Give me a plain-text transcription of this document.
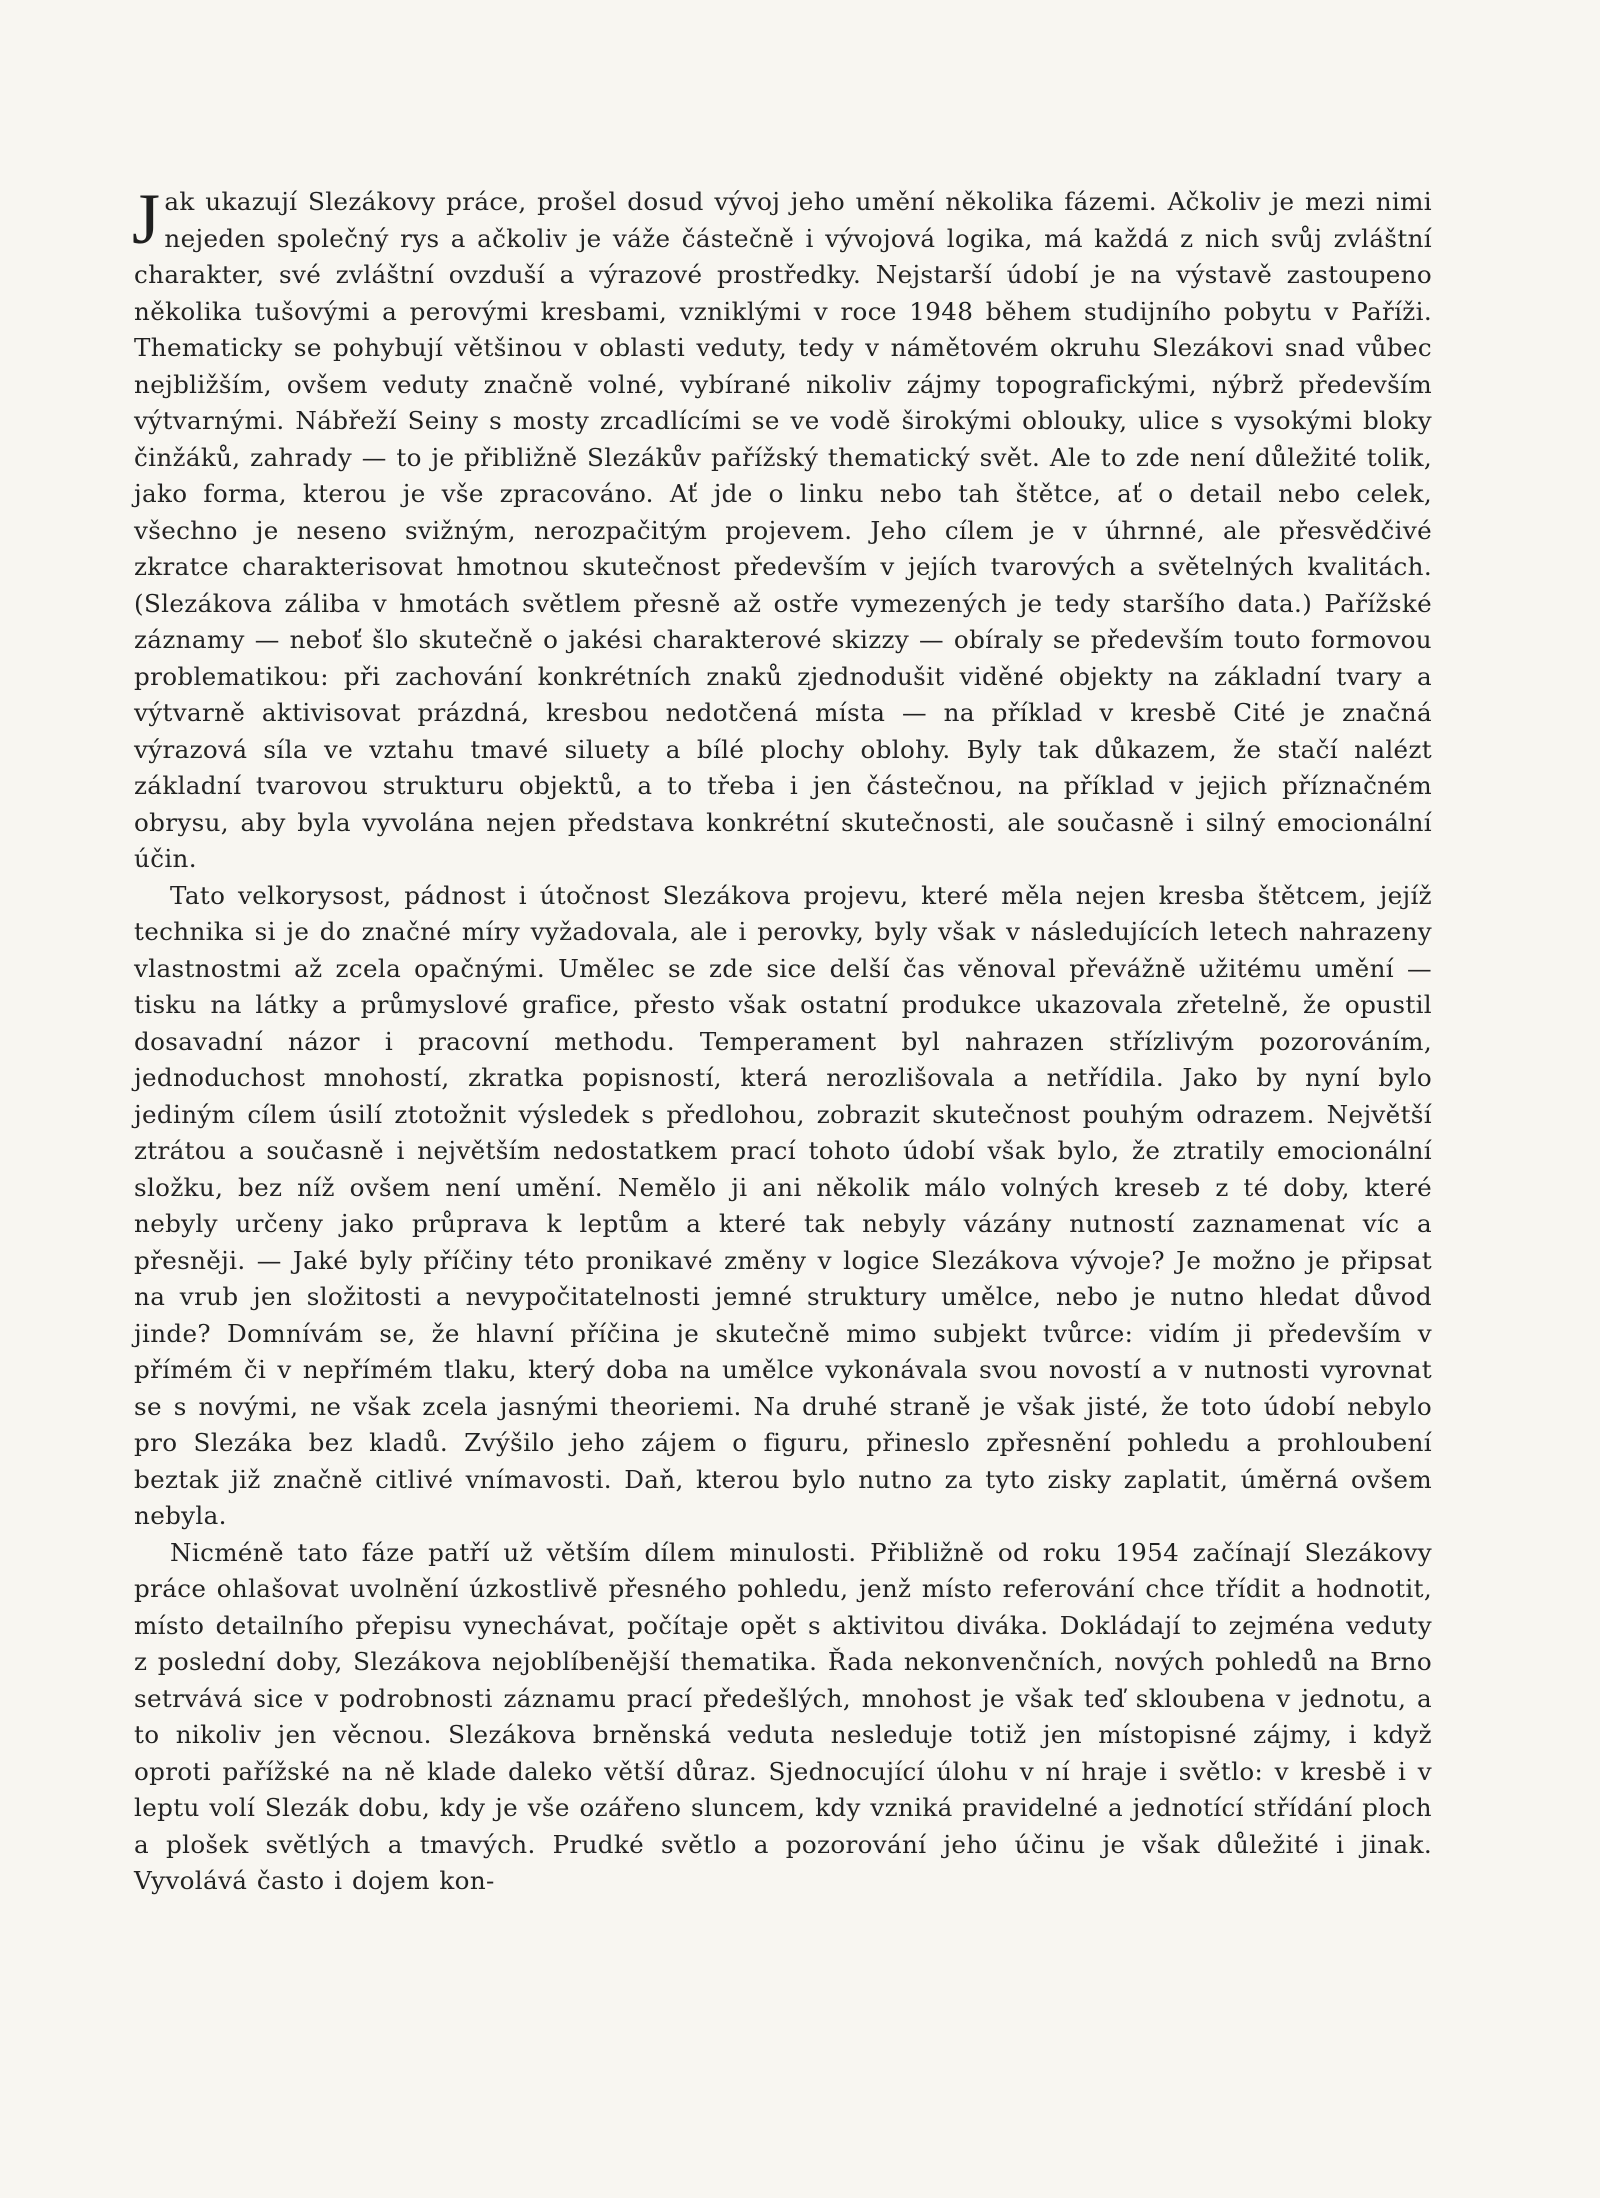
Jak ukazují Slezákovy práce, prošel dosud vývoj jeho umění několika fázemi. Ačkoliv je mezi nimi nejeden společný rys a ačkoliv je váže částečně i vývojová logika, má každá z nich svůj zvláštní charakter, své zvláštní ovzduší a výrazové prostředky. Nejstarší údobí je na výstavě zastoupeno několika tušovými a perovými kresbami, vzniklými v roce 1948 během studijního pobytu v Paříži. Thematicky se pohybují většinou v oblasti veduty, tedy v námětovém okruhu Slezákovi snad vůbec nejbližším, ovšem veduty značně volné, vybírané nikoliv zájmy topografickými, nýbrž především výtvarnými. Nábřeží Seiny s mosty zrcadlícími se ve vodě širokými oblouky, ulice s vysokými bloky činžáků, zahrady — to je přibližně Slezákův pařížský thematický svět. Ale to zde není důležité tolik, jako forma, kterou je vše zpracováno. Ať jde o linku nebo tah štětce, ať o detail nebo celek, všechno je neseno svižným, nerozpačitým projevem. Jeho cílem je v úhrnné, ale přesvědčivé zkratce charakterisovat hmotnou skutečnost především v jejích tvarových a světelných kvalitách. (Slezákova záliba v hmotách světlem přesně až ostře vymezených je tedy staršího data.) Pařížské záznamy — neboť šlo skutečně o jakési charakterové skizzy — obíraly se především touto formovou problematikou: při zachování konkrétních znaků zjednodušit viděné objekty na základní tvary a výtvarně aktivisovat prázdná, kresbou nedotčená místa — na příklad v kresbě Cité je značná výrazová síla ve vztahu tmavé siluety a bílé plochy oblohy. Byly tak důkazem, že stačí nalézt základní tvarovou strukturu objektů, a to třeba i jen částečnou, na příklad v jejich příznačném obrysu, aby byla vyvolána nejen představa konkrétní skutečnosti, ale současně i silný emocionální účin.

Tato velkorysost, pádnost i útočnost Slezákova projevu, které měla nejen kresba štětcem, jejíž technika si je do značné míry vyžadovala, ale i perovky, byly však v následujících letech nahrazeny vlastnostmi až zcela opačnými. Umělec se zde sice delší čas věnoval převážně užitému umění — tisku na látky a průmyslové grafice, přesto však ostatní produkce ukazovala zřetelně, že opustil dosavadní názor i pracovní methodu. Temperament byl nahrazen střízlivým pozorováním, jednoduchost mnohostí, zkratka popisností, která nerozlišovala a netřídila. Jako by nyní bylo jediným cílem úsilí ztotožnit výsledek s předlohou, zobrazit skutečnost pouhým odrazem. Největší ztrátou a současně i největším nedostatkem prací tohoto údobí však bylo, že ztratily emocionální složku, bez níž ovšem není umění. Nemělo ji ani několik málo volných kreseb z té doby, které nebyly určeny jako průprava k leptům a které tak nebyly vázány nutností zaznamenat víc a přesněji. — Jaké byly příčiny této pronikavé změny v logice Slezákova vývoje? Je možno je připsat na vrub jen složitosti a nevypočitatelnosti jemné struktury umělce, nebo je nutno hledat důvod jinde? Domnívám se, že hlavní příčina je skutečně mimo subjekt tvůrce: vidím ji především v přímém či v nepřímém tlaku, který doba na umělce vykonávala svou novostí a v nutnosti vyrovnat se s novými, ne však zcela jasnými theoriemi. Na druhé straně je však jisté, že toto údobí nebylo pro Slezáka bez kladů. Zvýšilo jeho zájem o figuru, přineslo zpřesnění pohledu a prohloubení beztak již značně citlivé vnímavosti. Daň, kterou bylo nutno za tyto zisky zaplatit, úměrná ovšem nebyla.

Nicméně tato fáze patří už větším dílem minulosti. Přibližně od roku 1954 začínají Slezákovy práce ohlašovat uvolnění úzkostlivě přesného pohledu, jenž místo referování chce třídit a hodnotit, místo detailního přepisu vynechávat, počítaje opět s aktivitou diváka. Dokládají to zejména veduty z poslední doby, Slezákova nejoblíbenější thematika. Řada nekonvenčních, nových pohledů na Brno setrvává sice v podrobnosti záznamu prací předešlých, mnohost je však teď skloubena v jednotu, a to nikoliv jen věcnou. Slezákova brněnská veduta nesleduje totiž jen místopisné zájmy, i když oproti pařížské na ně klade daleko větší důraz. Sjednocující úlohu v ní hraje i světlo: v kresbě i v leptu volí Slezák dobu, kdy je vše ozářeno sluncem, kdy vzniká pravidelné a jednotící střídání ploch a plošek světlých a tmavých. Prudké světlo a pozorování jeho účinu je však důležité i jinak. Vyvolává často i dojem kon-
